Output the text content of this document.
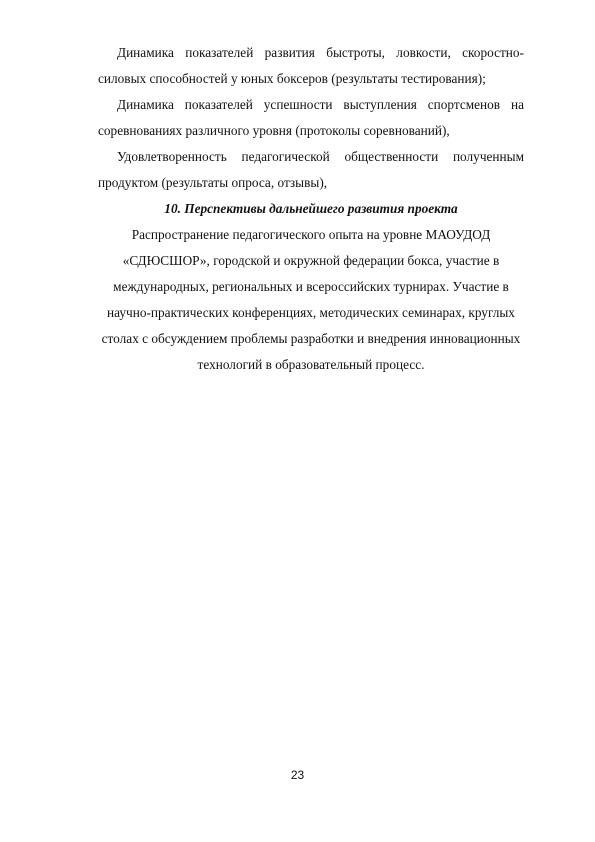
Динамика показателей развития быстроты, ловкости, скоростно-
силовых способностей у юных боксеров (результаты тестирования);
Динамика показателей успешности выступления спортсменов на
соревнованиях различного уровня (протоколы соревнований),
Удовлетворенность педагогической общественности полученным
продуктом (результаты опроса, отзывы),
10. Перспективы дальнейшего развития проекта
Распространение педагогического опыта на уровне МАОУДОД
«СДЮСШОР», городской и окружной федерации бокса, участие в
международных, региональных и всероссийских турнирах. Участие в
научно-практических конференциях, методических семинарах, круглых
столах с обсуждением проблемы разработки и внедрения инновационных
технологий в образовательный процесс.
23
